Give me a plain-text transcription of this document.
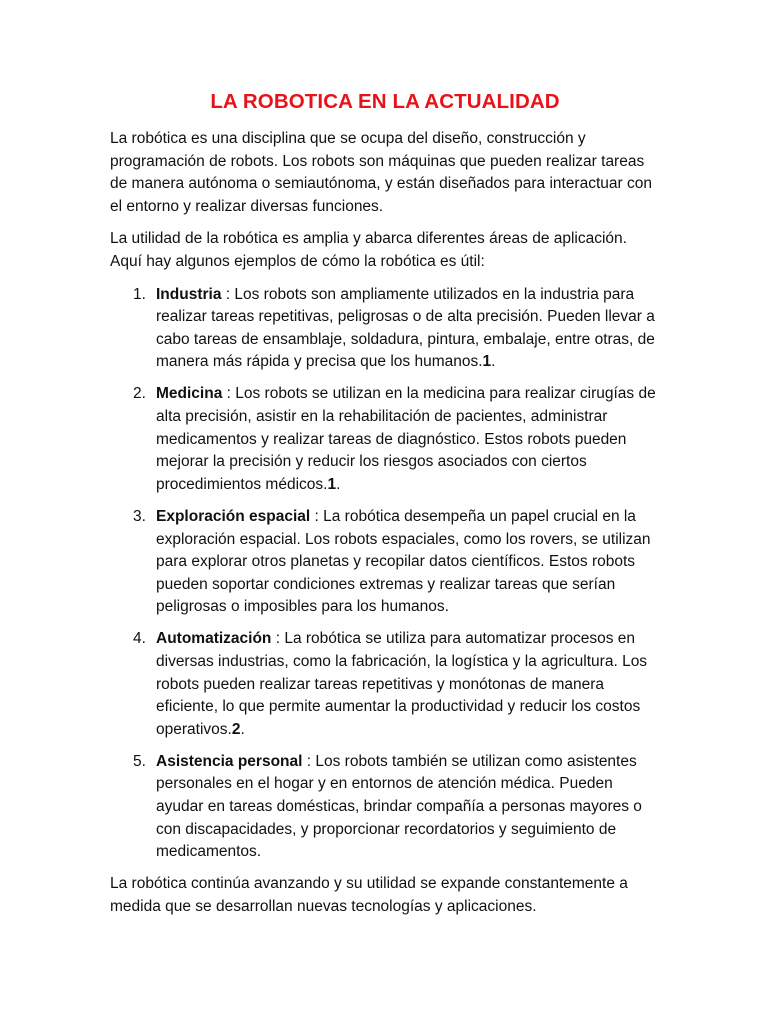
LA ROBOTICA EN LA ACTUALIDAD

La robótica es una disciplina que se ocupa del diseño, construcción y programación de robots. Los robots son máquinas que pueden realizar tareas de manera autónoma o semiautónoma, y están diseñados para interactuar con el entorno y realizar diversas funciones.

La utilidad de la robótica es amplia y abarca diferentes áreas de aplicación. Aquí hay algunos ejemplos de cómo la robótica es útil:

1. Industria : Los robots son ampliamente utilizados en la industria para realizar tareas repetitivas, peligrosas o de alta precisión. Pueden llevar a cabo tareas de ensamblaje, soldadura, pintura, embalaje, entre otras, de manera más rápida y precisa que los humanos.1.
2. Medicina : Los robots se utilizan en la medicina para realizar cirugías de alta precisión, asistir en la rehabilitación de pacientes, administrar medicamentos y realizar tareas de diagnóstico. Estos robots pueden mejorar la precisión y reducir los riesgos asociados con ciertos procedimientos médicos.1.
3. Exploración espacial : La robótica desempeña un papel crucial en la exploración espacial. Los robots espaciales, como los rovers, se utilizan para explorar otros planetas y recopilar datos científicos. Estos robots pueden soportar condiciones extremas y realizar tareas que serían peligrosas o imposibles para los humanos.
4. Automatización : La robótica se utiliza para automatizar procesos en diversas industrias, como la fabricación, la logística y la agricultura. Los robots pueden realizar tareas repetitivas y monótonas de manera eficiente, lo que permite aumentar la productividad y reducir los costos operativos.2.
5. Asistencia personal : Los robots también se utilizan como asistentes personales en el hogar y en entornos de atención médica. Pueden ayudar en tareas domésticas, brindar compañía a personas mayores o con discapacidades, y proporcionar recordatorios y seguimiento de medicamentos.

La robótica continúa avanzando y su utilidad se expande constantemente a medida que se desarrollan nuevas tecnologías y aplicaciones.
